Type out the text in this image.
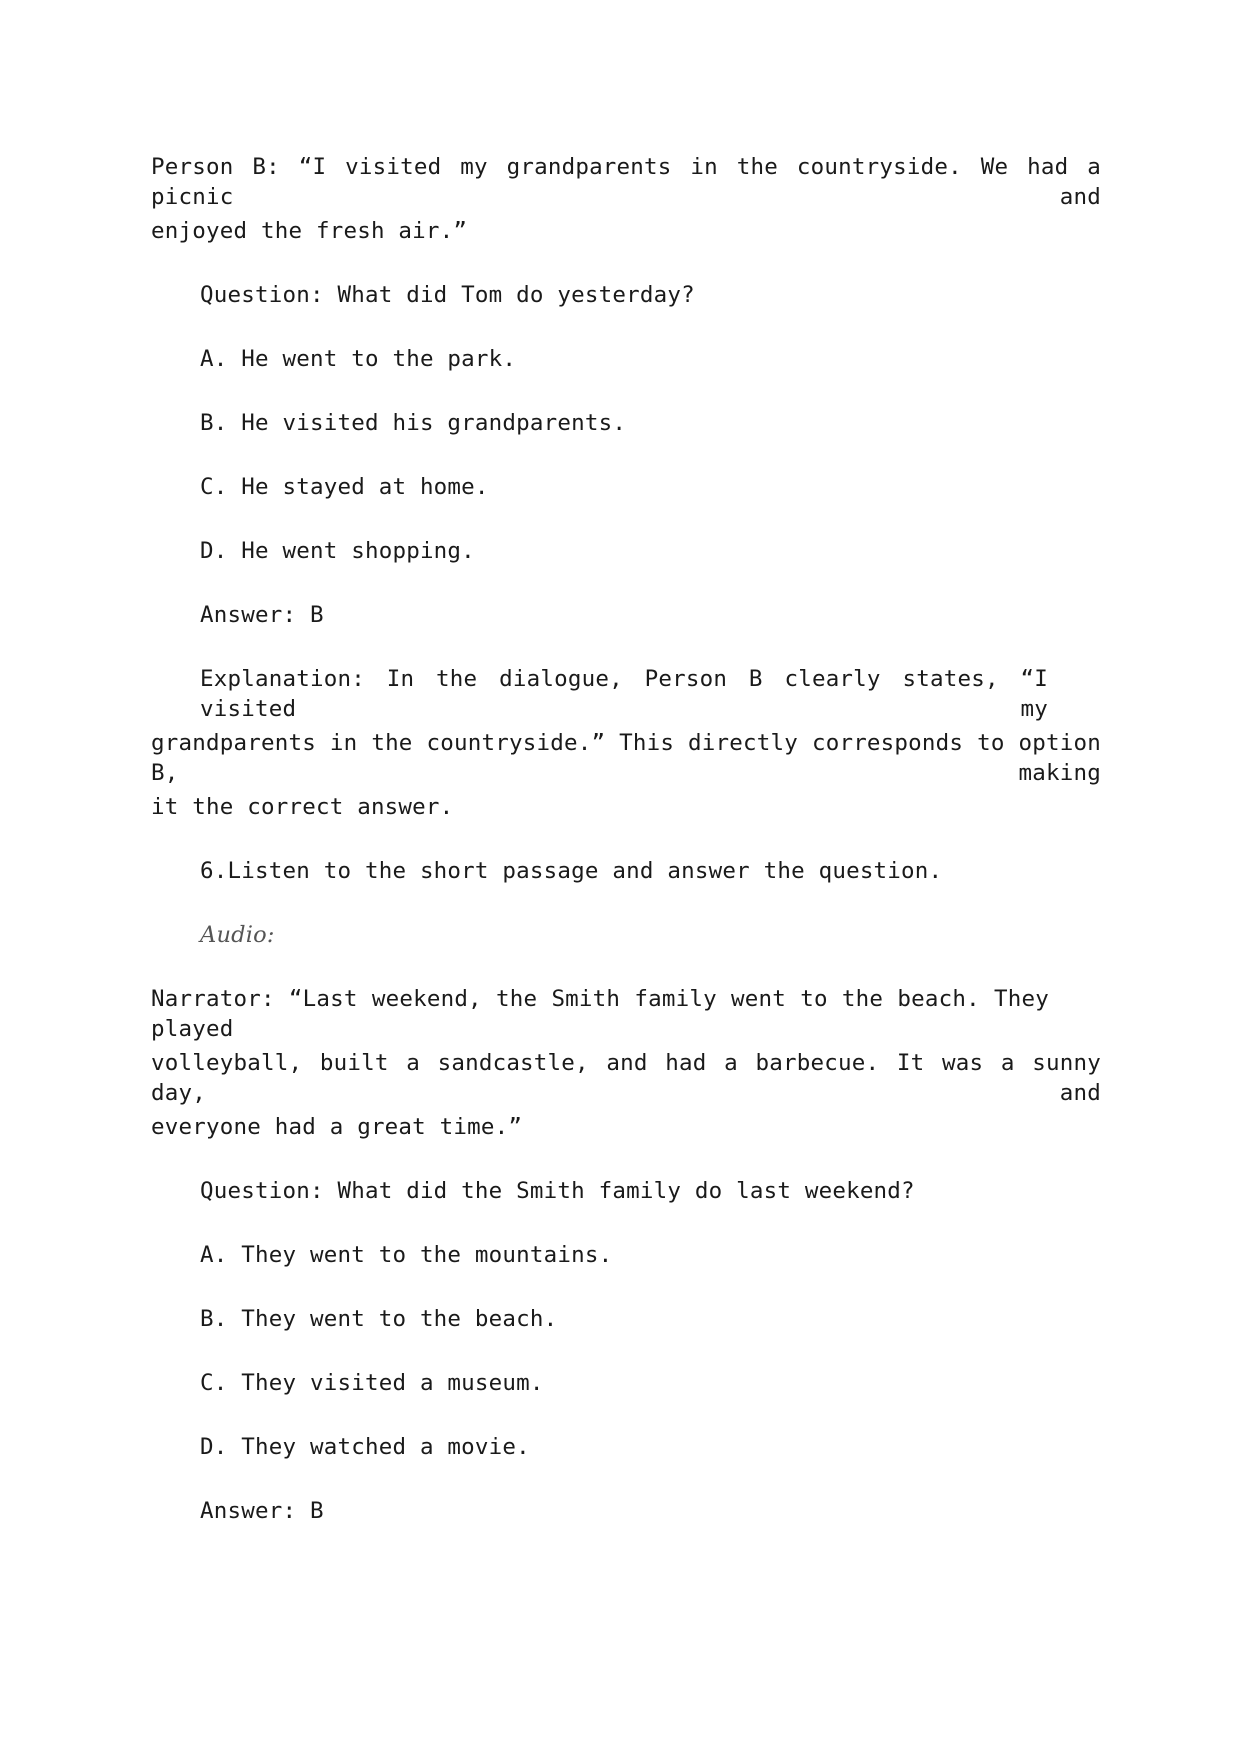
Person B: “I visited my grandparents in the countryside. We had a picnic and
enjoyed the fresh air.”
Question: What did Tom do yesterday?
A. He went to the park.
B. He visited his grandparents.
C. He stayed at home.
D. He went shopping.
Answer: B
Explanation: In the dialogue, Person B clearly states, “I visited my
grandparents in the countryside.” This directly corresponds to option B, making
it the correct answer.
6.Listen to the short passage and answer the question.
Audio:
Narrator: “Last weekend, the Smith family went to the beach. They played
volleyball, built a sandcastle, and had a barbecue. It was a sunny day, and
everyone had a great time.”
Question: What did the Smith family do last weekend?
A. They went to the mountains.
B. They went to the beach.
C. They visited a museum.
D. They watched a movie.
Answer: B
